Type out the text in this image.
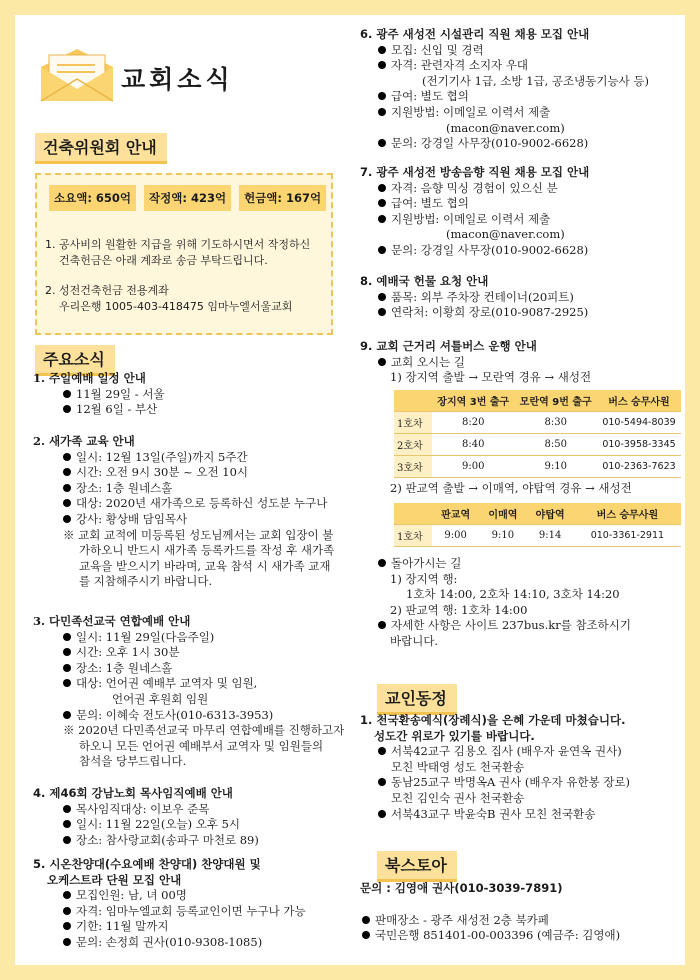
교회소식
건축위원회 안내
소요액: 650억	작정액: 423억	헌금액: 167억
1. 공사비의 원활한 지급을 위해 기도하시면서 작정하신
건축헌금은 아래 계좌로 송금 부탁드립니다.
2. 성전건축헌금 전용계좌
우리은행 1005-403-418475 임마누엘서울교회
주요소식
1. 주일예배 일정 안내
11월 29일 - 서울
12월 6일 - 부산
2. 새가족 교육 안내
일시: 12월 13일(주일)까지 5주간
시간: 오전 9시 30분 ~ 오전 10시
장소: 1층 원네스홀
대상: 2020년 새가족으로 등록하신 성도분 누구나
강사: 황상배 담임목사
※ 교회 교적에 미등록된 성도님께서는 교회 입장이 불
가하오니 반드시 새가족 등록카드를 작성 후 새가족
교육을 받으시기 바라며, 교육 참석 시 새가족 교재
를 지참해주시기 바랍니다.
3. 다민족선교국 연합예배 안내
일시: 11월 29일(다음주일)
시간: 오후 1시 30분
장소: 1층 원네스홀
대상: 언어권 예배부 교역자 및 임원,
언어권 후원회 임원
문의: 이혜숙 전도사(010-6313-3953)
※ 2020년 다민족선교국 마무리 연합예배를 진행하고자
하오니 모든 언어권 예배부서 교역자 및 임원들의
참석을 당부드립니다.
4. 제46회 강남노회 목사임직예배 안내
목사임직대상: 이보우 준목
일시: 11월 22일(오늘) 오후 5시
장소: 참사랑교회(송파구 마천로 89)
5. 시온찬양대(수요예배 찬양대) 찬양대원 및
오케스트라 단원 모집 안내
모집인원: 남, 녀 00명
자격: 임마누엘교회 등록교인이면 누구나 가능
기한: 11월 말까지
문의: 손정희 권사(010-9308-1085)
6. 광주 새성전 시설관리 직원 채용 모집 안내
모집: 신입 및 경력
자격: 관련자격 소지자 우대
(전기기사 1급, 소방 1급, 공조냉동기능사 등)
급여: 별도 협의
지원방법: 이메일로 이력서 제출
(macon@naver.com)
문의: 강경일 사무장(010-9002-6628)
7. 광주 새성전 방송음향 직원 채용 모집 안내
자격: 음향 믹싱 경험이 있으신 분
급여: 별도 협의
지원방법: 이메일로 이력서 제출
(macon@naver.com)
문의: 강경일 사무장(010-9002-6628)
8. 예배국 헌물 요청 안내
품목: 외부 주차장 컨테이너(20피트)
연락처: 이황희 장로(010-9087-2925)
9. 교회 근거리 셔틀버스 운행 안내
교회 오시는 길
1) 장지역 출발 → 모란역 경유 → 새성전
	장지역 3번 출구	모란역 9번 출구	버스 승무사원
1호차	8:20	8:30	010-5494-8039
2호차	8:40	8:50	010-3958-3345
3호차	9:00	9:10	010-2363-7623
2) 판교역 출발 → 이매역, 야탑역 경유 → 새성전
	판교역	이매역	야탑역	버스 승무사원
1호차	9:00	9:10	9:14	010-3361-2911
돌아가시는 길
1) 장지역 행:
1호차 14:00, 2호차 14:10, 3호차 14:20
2) 판교역 행: 1호차 14:00
자세한 사항은 사이트 237bus.kr를 참조하시기
바랍니다.
교인동정
1. 천국환송예식(장례식)을 은혜 가운데 마쳤습니다.
성도간 위로가 있기를 바랍니다.
서북42교구 김용오 집사 (배우자 윤연옥 권사)
모친 박태영 성도 천국환송
동남25교구 박명옥A 권사 (배우자 유한봉 장로)
모친 김인숙 권사 천국환송
서북43교구 박윤숙B 권사 모친 천국환송
북스토아
문의 : 김영애 권사(010-3039-7891)
판매장소 - 광주 새성전 2층 북카페
국민은행 851401-00-003396 (예금주: 김영애)
